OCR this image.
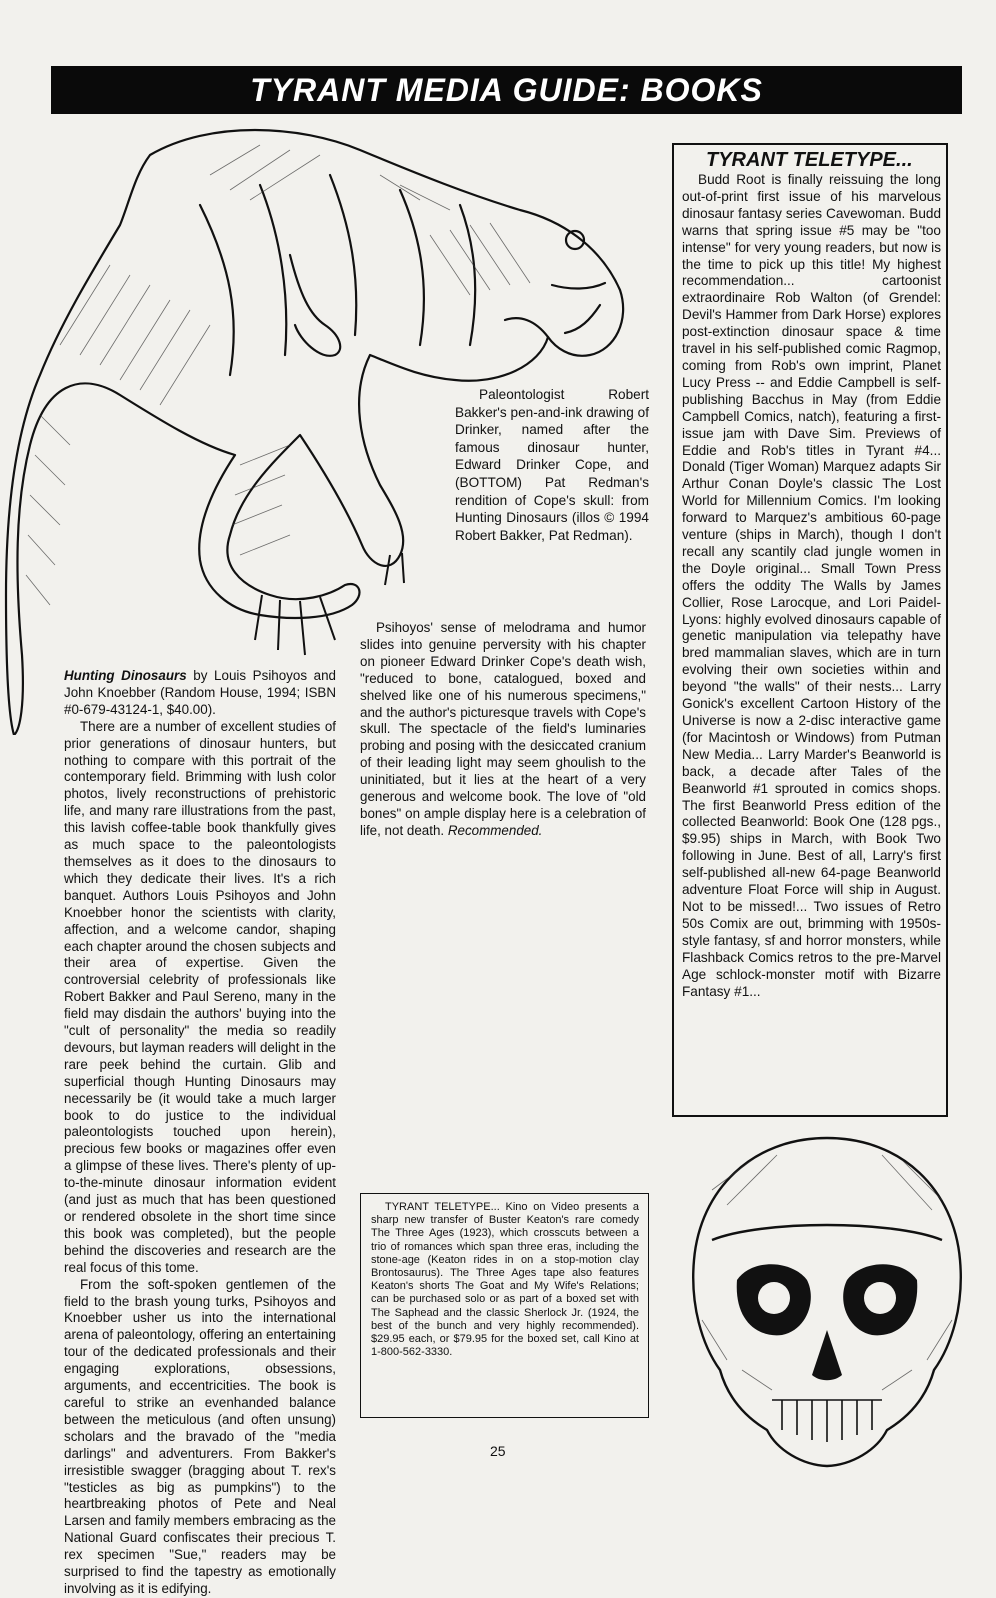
TYRANT MEDIA GUIDE: BOOKS
Paleontologist Robert Bakker's pen-and-ink drawing of Drinker, named after the famous dinosaur hunter, Edward Drinker Cope, and (BOTTOM) Pat Redman's rendition of Cope's skull: from Hunting Dinosaurs (illos © 1994 Robert Bakker, Pat Redman).

Hunting Dinosaurs by Louis Psihoyos and John Knoebber (Random House, 1994; ISBN #0-679-43124-1, $40.00).

There are a number of excellent studies of prior generations of dinosaur hunters, but nothing to compare with this portrait of the contemporary field. Brimming with lush color photos, lively reconstructions of prehistoric life, and many rare illustrations from the past, this lavish coffee-table book thankfully gives as much space to the paleontologists themselves as it does to the dinosaurs to which they dedicate their lives. It's a rich banquet. Authors Louis Psihoyos and John Knoebber honor the scientists with clarity, affection, and a welcome candor, shaping each chapter around the chosen subjects and their area of expertise. Given the controversial celebrity of professionals like Robert Bakker and Paul Sereno, many in the field may disdain the authors' buying into the "cult of personality" the media so readily devours, but layman readers will delight in the rare peek behind the curtain. Glib and superficial though Hunting Dinosaurs may necessarily be (it would take a much larger book to do justice to the individual paleontologists touched upon herein), precious few books or magazines offer even a glimpse of these lives. There's plenty of up-to-the-minute dinosaur information evident (and just as much that has been questioned or rendered obsolete in the short time since this book was completed), but the people behind the discoveries and research are the real focus of this tome.

From the soft-spoken gentlemen of the field to the brash young turks, Psihoyos and Knoebber usher us into the international arena of paleontology, offering an entertaining tour of the dedicated professionals and their engaging explorations, obsessions, arguments, and eccentricities. The book is careful to strike an evenhanded balance between the meticulous (and often unsung) scholars and the bravado of the "media darlings" and adventurers. From Bakker's irresistible swagger (bragging about T. rex's "testicles as big as pumpkins") to the heartbreaking photos of Pete and Neal Larsen and family members embracing as the National Guard confiscates their precious T. rex specimen "Sue," readers may be surprised to find the tapestry as emotionally involving as it is edifying.

Psihoyos' sense of melodrama and humor slides into genuine perversity with his chapter on pioneer Edward Drinker Cope's death wish, "reduced to bone, catalogued, boxed and shelved like one of his numerous specimens," and the author's picturesque travels with Cope's skull. The spectacle of the field's luminaries probing and posing with the desiccated cranium of their leading light may seem ghoulish to the uninitiated, but it lies at the heart of a very generous and welcome book. The love of "old bones" on ample display here is a celebration of life, not death. Recommended.

TYRANT TELETYPE... Kino on Video presents a sharp new transfer of Buster Keaton's rare comedy The Three Ages (1923), which crosscuts between a trio of romances which span three eras, including the stone-age (Keaton rides in on a stop-motion clay Brontosaurus). The Three Ages tape also features Keaton's shorts The Goat and My Wife's Relations; can be purchased solo or as part of a boxed set with The Saphead and the classic Sherlock Jr. (1924, the best of the bunch and very highly recommended). $29.95 each, or $79.95 for the boxed set, call Kino at 1-800-562-3330.

TYRANT TELETYPE...

Budd Root is finally reissuing the long out-of-print first issue of his marvelous dinosaur fantasy series Cavewoman. Budd warns that spring issue #5 may be "too intense" for very young readers, but now is the time to pick up this title! My highest recommendation... cartoonist extraordinaire Rob Walton (of Grendel: Devil's Hammer from Dark Horse) explores post-extinction dinosaur space & time travel in his self-published comic Ragmop, coming from Rob's own imprint, Planet Lucy Press -- and Eddie Campbell is self-publishing Bacchus in May (from Eddie Campbell Comics, natch), featuring a first-issue jam with Dave Sim. Previews of Eddie and Rob's titles in Tyrant #4... Donald (Tiger Woman) Marquez adapts Sir Arthur Conan Doyle's classic The Lost World for Millennium Comics. I'm looking forward to Marquez's ambitious 60-page venture (ships in March), though I don't recall any scantily clad jungle women in the Doyle original... Small Town Press offers the oddity The Walls by James Collier, Rose Larocque, and Lori Paidel-Lyons: highly evolved dinosaurs capable of genetic manipulation via telepathy have bred mammalian slaves, which are in turn evolving their own societies within and beyond "the walls" of their nests... Larry Gonick's excellent Cartoon History of the Universe is now a 2-disc interactive game (for Macintosh or Windows) from Putman New Media... Larry Marder's Beanworld is back, a decade after Tales of the Beanworld #1 sprouted in comics shops. The first Beanworld Press edition of the collected Beanworld: Book One (128 pgs., $9.95) ships in March, with Book Two following in June. Best of all, Larry's first self-published all-new 64-page Beanworld adventure Float Force will ship in August. Not to be missed!... Two issues of Retro 50s Comix are out, brimming with 1950s-style fantasy, sf and horror monsters, while Flashback Comics retros to the pre-Marvel Age schlock-monster motif with Bizarre Fantasy #1...

25
